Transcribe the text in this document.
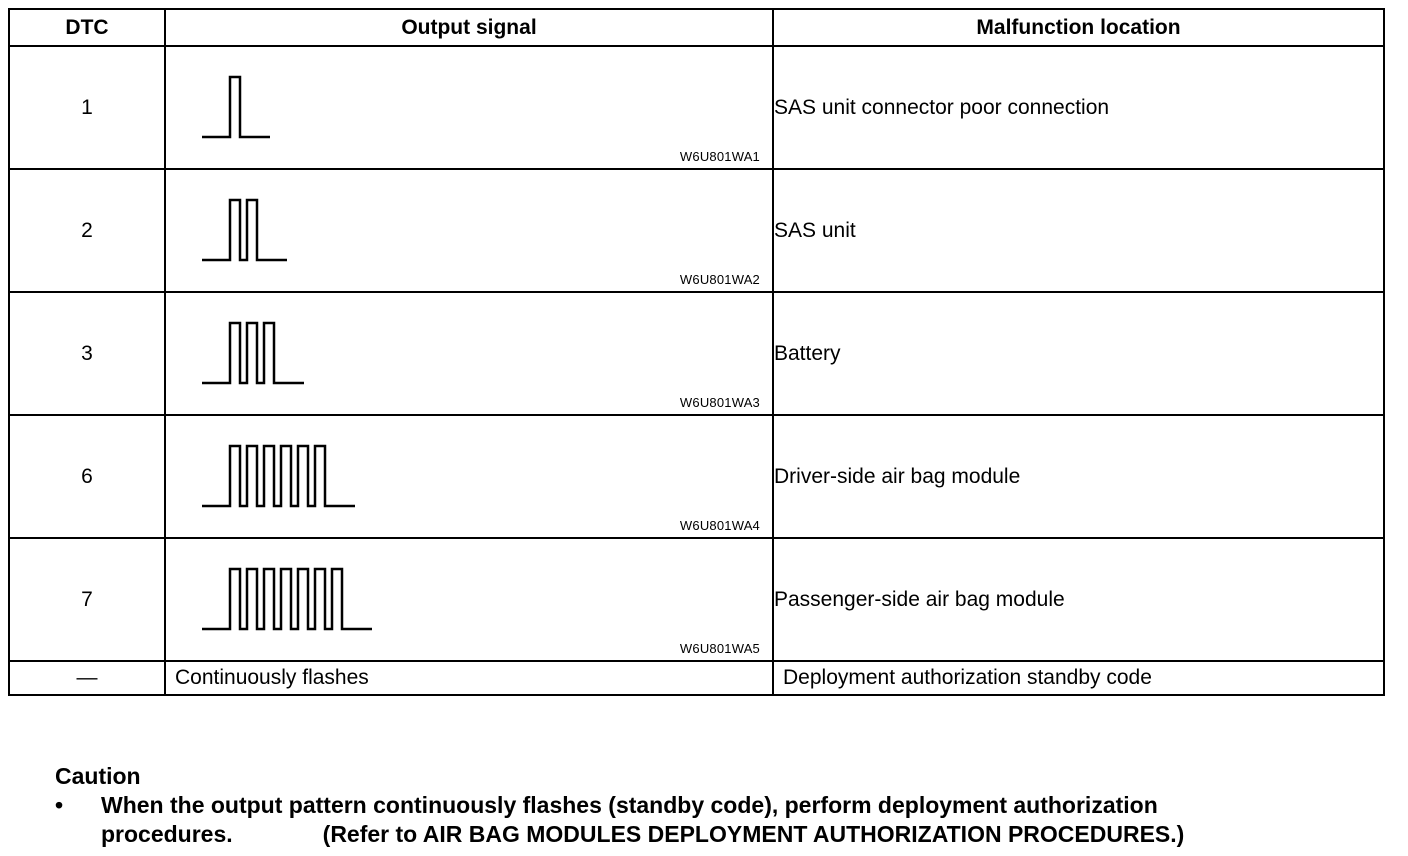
DTC	Output signal	Malfunction location
1	W6U801WA1	SAS unit connector poor connection
2	W6U801WA2	SAS unit
3	W6U801WA3	Battery
6	W6U801WA4	Driver-side air bag module
7	W6U801WA5	Passenger-side air bag module
—	Continuously flashes	Deployment authorization standby code
Caution
• When the output pattern continuously flashes (standby code), perform deployment authorization
procedures.	(Refer to AIR BAG MODULES DEPLOYMENT AUTHORIZATION PROCEDURES.)
